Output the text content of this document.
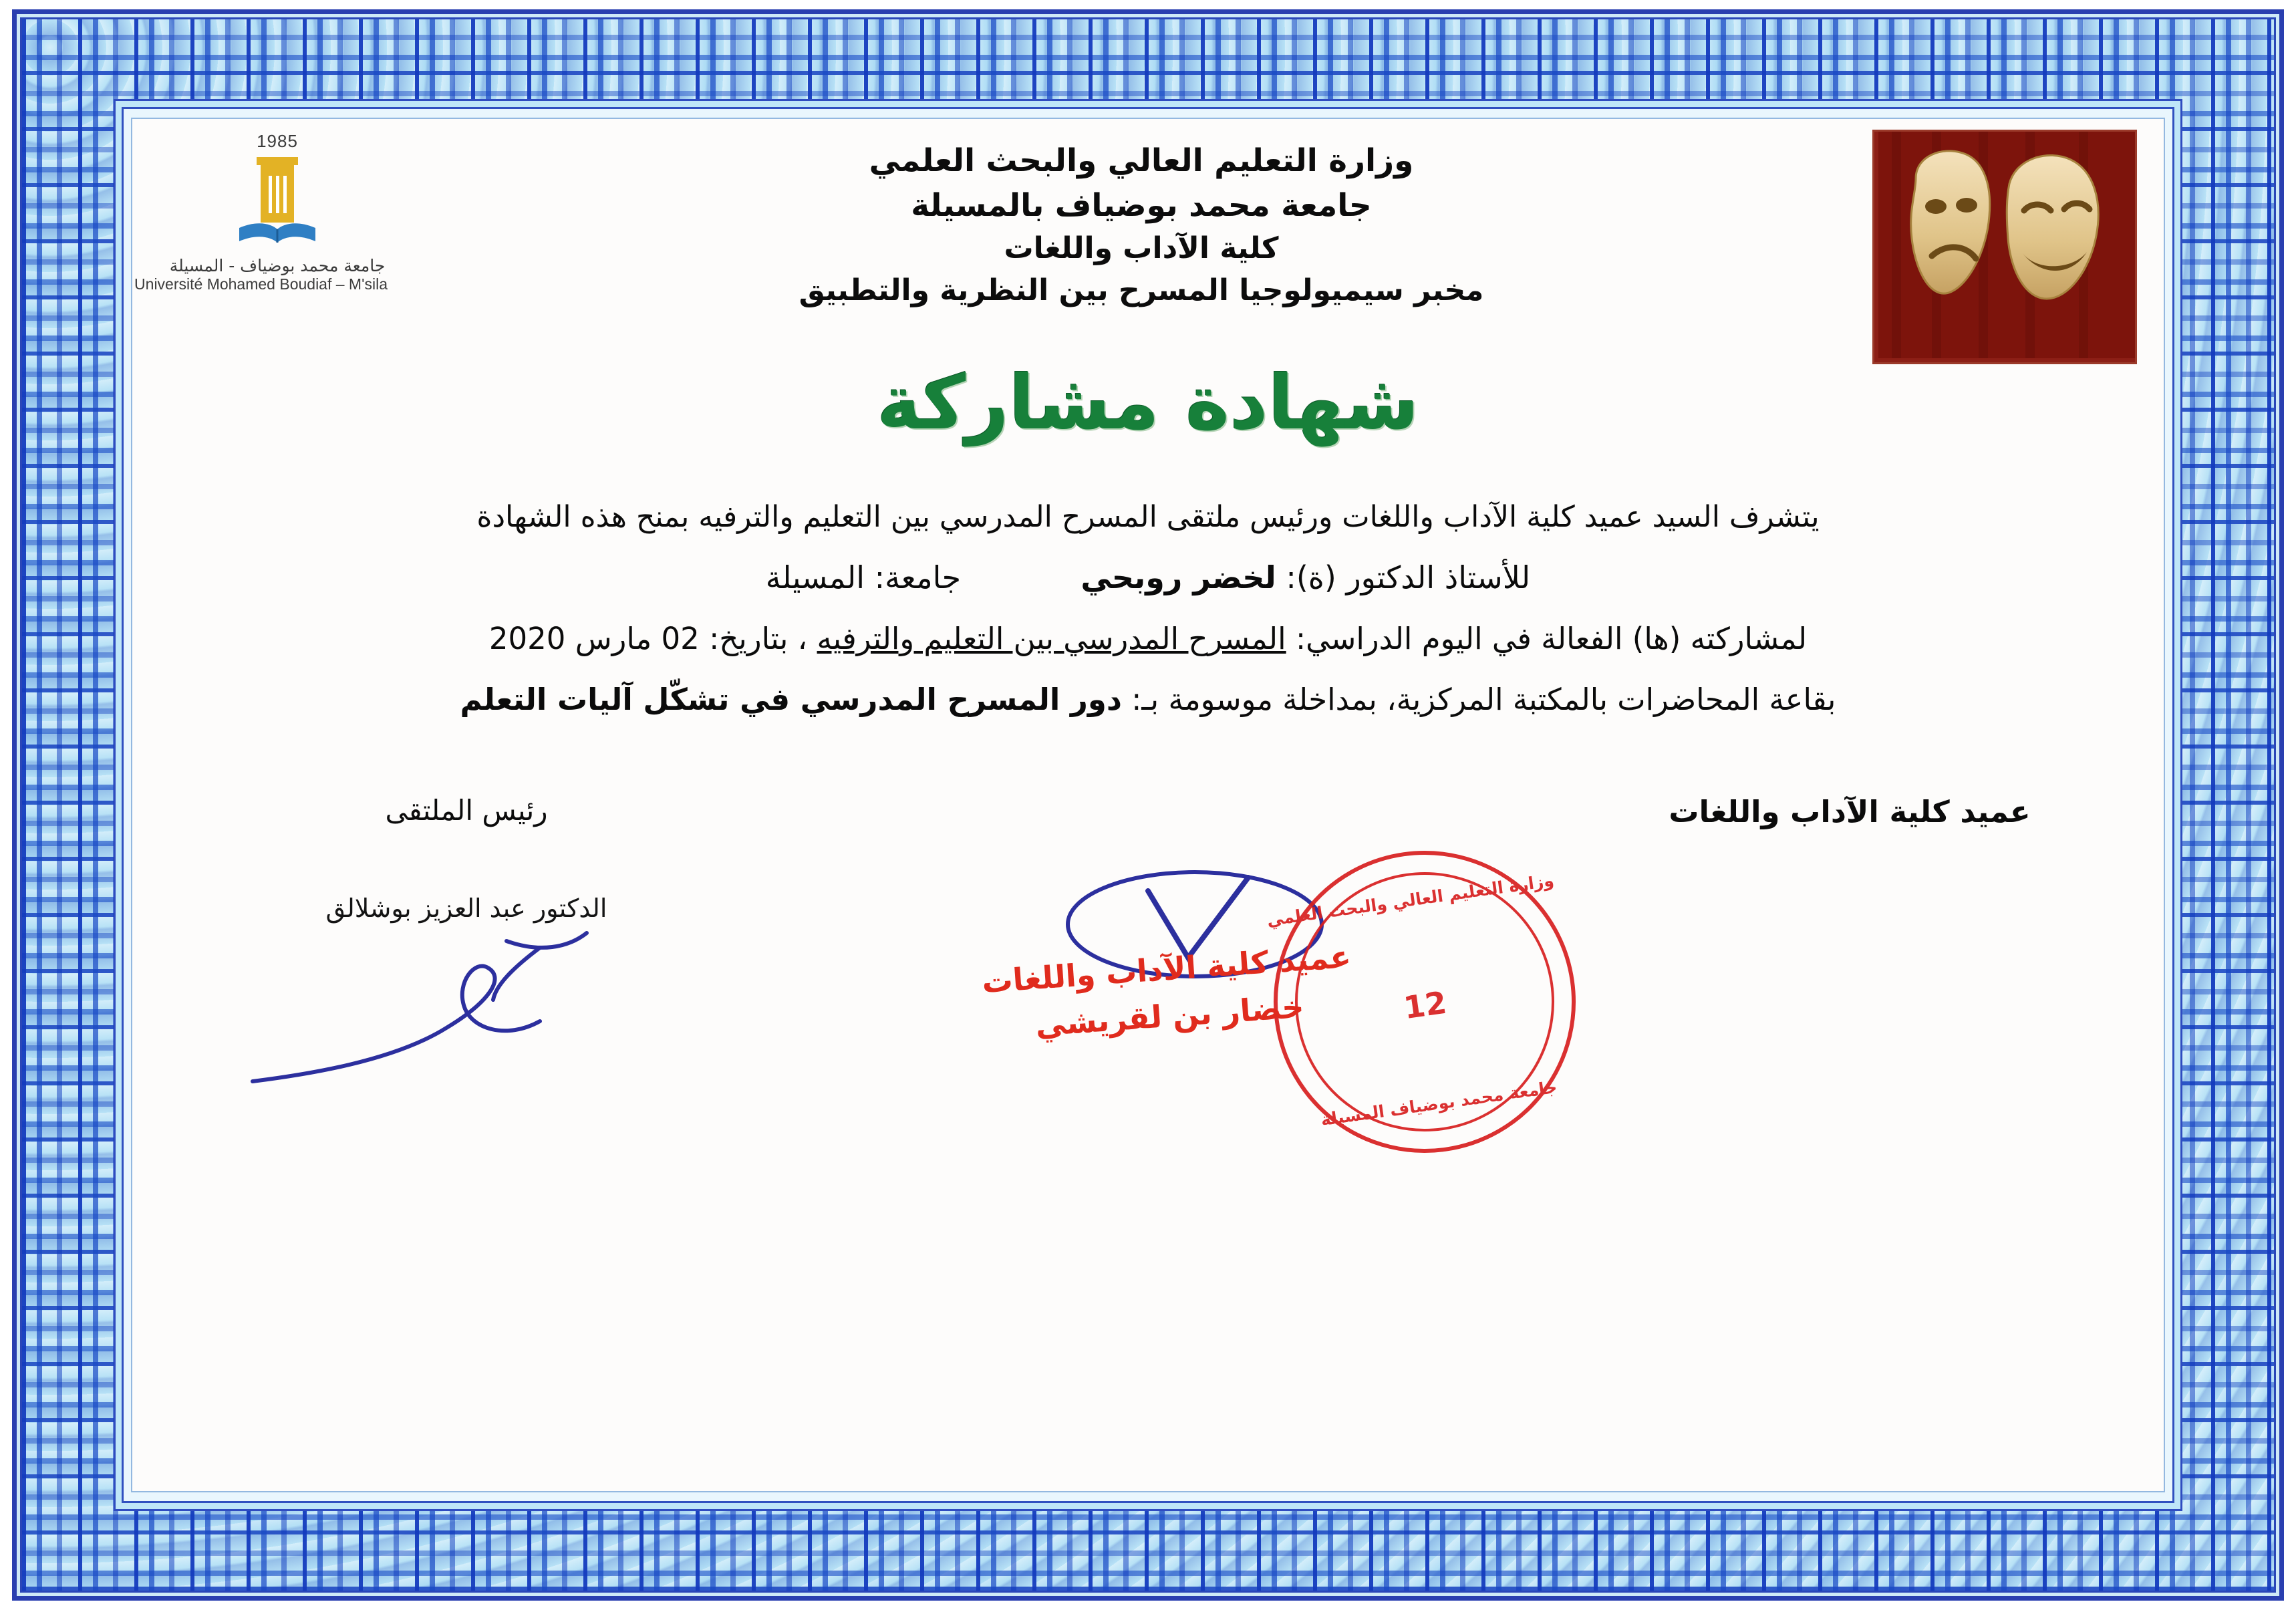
1985
جامعة محمد بوضياف - المسيلة
Université Mohamed Boudiaf – M'sila
وزارة التعليم العالي والبحث العلمي
جامعة محمد بوضياف بالمسيلة
كلية الآداب واللغات
مخبر سيميولوجيا المسرح بين النظرية والتطبيق
شهادة مشاركة
يتشرف السيد عميد كلية الآداب واللغات ورئيس ملتقى المسرح المدرسي بين التعليم والترفيه بمنح هذه الشهادة
للأستاذ الدكتور (ة): لخضر روبحي  جامعة: المسيلة
لمشاركته (ها) الفعالة في اليوم الدراسي: المسرح المدرسي بين التعليم والترفيه ، بتاريخ: 02 مارس 2020
بقاعة المحاضرات بالمكتبة المركزية، بمداخلة موسومة بـ: دور المسرح المدرسي في تشكّل آليات التعلم
عميد كلية الآداب واللغات
رئيس الملتقى
الدكتور عبد العزيز بوشلالق	وزارة التعليم العالي والبحث العلمي
12
جامعة محمد بوضياف المسيلة
عميد كلية الآداب واللغات
خضار بن لقريشي
